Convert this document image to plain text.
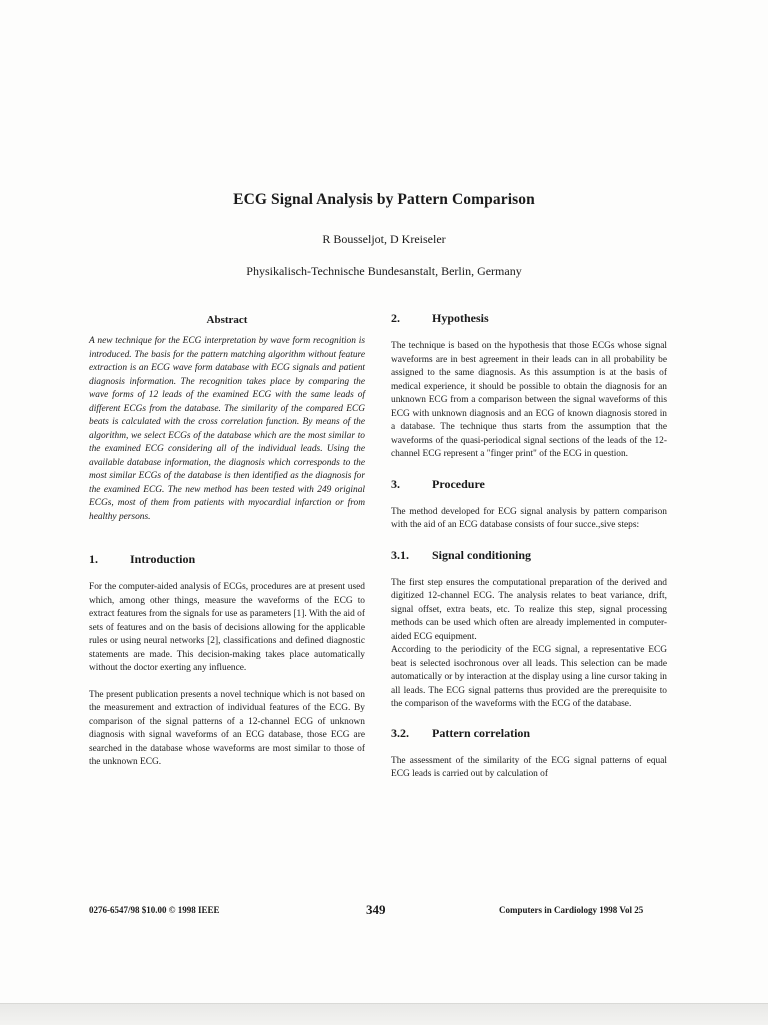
ECG Signal Analysis by Pattern Comparison
R Bousseljot, D Kreiseler
Physikalisch-Technische Bundesanstalt, Berlin, Germany
Abstract

A new technique for the ECG interpretation by wave form recognition is introduced. The basis for the pattern matching algorithm without feature extraction is an ECG wave form database with ECG signals and patient diagnosis information. The recognition takes place by comparing the wave forms of 12 leads of the examined ECG with the same leads of different ECGs from the database. The similarity of the compared ECG beats is calculated with the cross correlation function. By means of the algorithm, we select ECGs of the database which are the most similar to the examined ECG considering all of the individual leads. Using the available database information, the diagnosis which corresponds to the most similar ECGs of the database is then identified as the diagnosis for the examined ECG. The new method has been tested with 249 original ECGs, most of them from patients with myocardial infarction or from healthy persons.

1.	Introduction

For the computer-aided analysis of ECGs, procedures are at present used which, among other things, measure the waveforms of the ECG to extract features from the signals for use as parameters [1]. With the aid of sets of features and on the basis of decisions allowing for the applicable rules or using neural networks [2], classifications and defined diagnostic statements are made. This decision-making takes place automatically without the doctor exerting any influence.

The present publication presents a novel technique which is not based on the measurement and extraction of individual features of the ECG. By comparison of the signal patterns of a 12-channel ECG of unknown diagnosis with signal waveforms of an ECG database, those ECG are searched in the database whose waveforms are most similar to those of the unknown ECG.

2.	Hypothesis

The technique is based on the hypothesis that those ECGs whose signal waveforms are in best agreement in their leads can in all probability be assigned to the same diagnosis. As this assumption is at the basis of medical experience, it should be possible to obtain the diagnosis for an unknown ECG from a comparison between the signal waveforms of this ECG with unknown diagnosis and an ECG of known diagnosis stored in a database. The technique thus starts from the assumption that the waveforms of the quasi-periodical signal sections of the leads of the 12-channel ECG represent a "finger print" of the ECG in question.

3.	Procedure

The method developed for ECG signal analysis by pattern comparison with the aid of an ECG database consists of four succe.,sive steps:

3.1. Signal conditioning

The first step ensures the computational preparation of the derived and digitized 12-channel ECG. The analysis relates to beat variance, drift, signal offset, extra beats, etc. To realize this step, signal processing methods can be used which often are already implemented in computer-aided ECG equipment.

According to the periodicity of the ECG signal, a representative ECG beat is selected isochronous over all leads. This selection can be made automatically or by interaction at the display using a line cursor taking in all leads. The ECG signal patterns thus provided are the prerequisite to the comparison of the waveforms with the ECG of the database.

3.2. Pattern correlation

The assessment of the similarity of the ECG signal patterns of equal ECG leads is carried out by calculation of

0276-6547/98 $10.00 © 1998 IEEE	349	Computers in Cardiology 1998 Vol 25
